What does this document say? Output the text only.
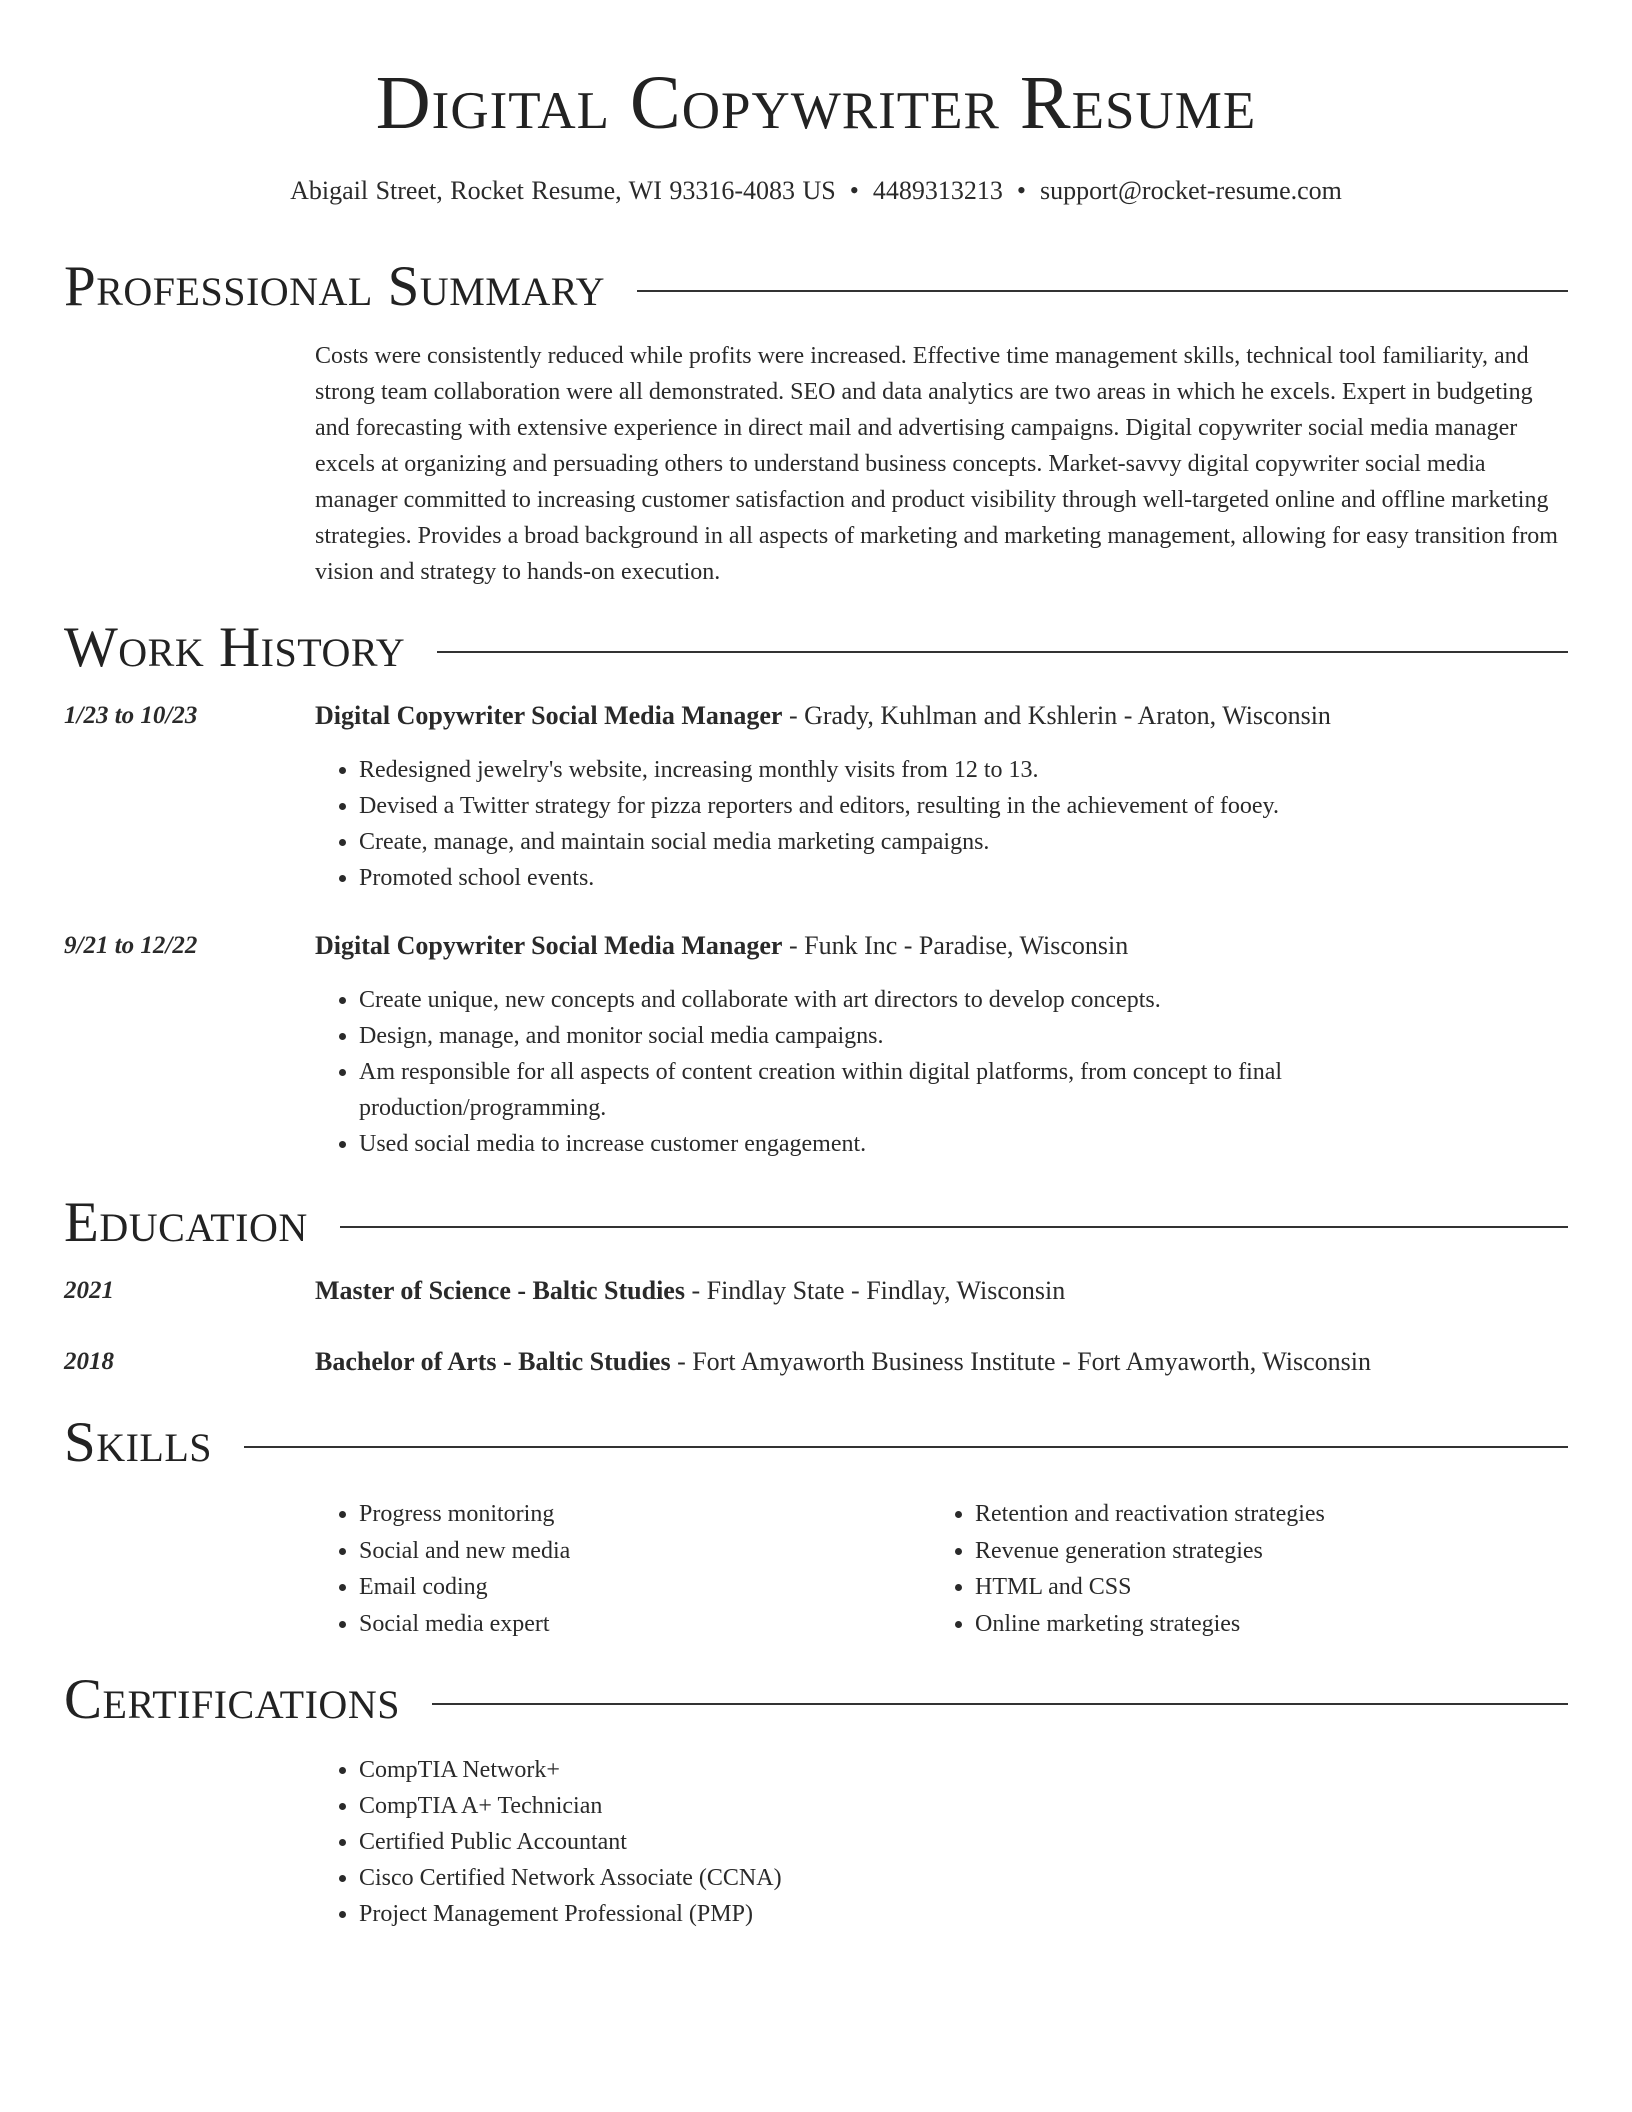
Digital Copywriter Resume
Abigail Street, Rocket Resume, WI 93316-4083 US • 4489313213 • support@rocket-resume.com
Professional Summary

Costs were consistently reduced while profits were increased. Effective time management skills, technical tool familiarity, and strong team collaboration were all demonstrated. SEO and data analytics are two areas in which he excels. Expert in budgeting and forecasting with extensive experience in direct mail and advertising campaigns. Digital copywriter social media manager excels at organizing and persuading others to understand business concepts. Market-savvy digital copywriter social media manager committed to increasing customer satisfaction and product visibility through well-targeted online and offline marketing strategies. Provides a broad background in all aspects of marketing and marketing management, allowing for easy transition from vision and strategy to hands-on execution.

Work History
1/23 to 10/23	Digital Copywriter Social Media Manager - Grady, Kuhlman and Kshlerin - Araton, Wisconsin
• Redesigned jewelry's website, increasing monthly visits from 12 to 13.
• Devised a Twitter strategy for pizza reporters and editors, resulting in the achievement of fooey.
• Create, manage, and maintain social media marketing campaigns.
• Promoted school events.
9/21 to 12/22	Digital Copywriter Social Media Manager - Funk Inc - Paradise, Wisconsin
• Create unique, new concepts and collaborate with art directors to develop concepts.
• Design, manage, and monitor social media campaigns.
• Am responsible for all aspects of content creation within digital platforms, from concept to final production/programming.
• Used social media to increase customer engagement.
Education
2021	Master of Science - Baltic Studies - Findlay State - Findlay, Wisconsin
2018	Bachelor of Arts - Baltic Studies - Fort Amyaworth Business Institute - Fort Amyaworth, Wisconsin
Skills
• Progress monitoring
• Social and new media
• Email coding
• Social media expert
• Retention and reactivation strategies
• Revenue generation strategies
• HTML and CSS
• Online marketing strategies
Certifications
• CompTIA Network+
• CompTIA A+ Technician
• Certified Public Accountant
• Cisco Certified Network Associate (CCNA)
• Project Management Professional (PMP)
